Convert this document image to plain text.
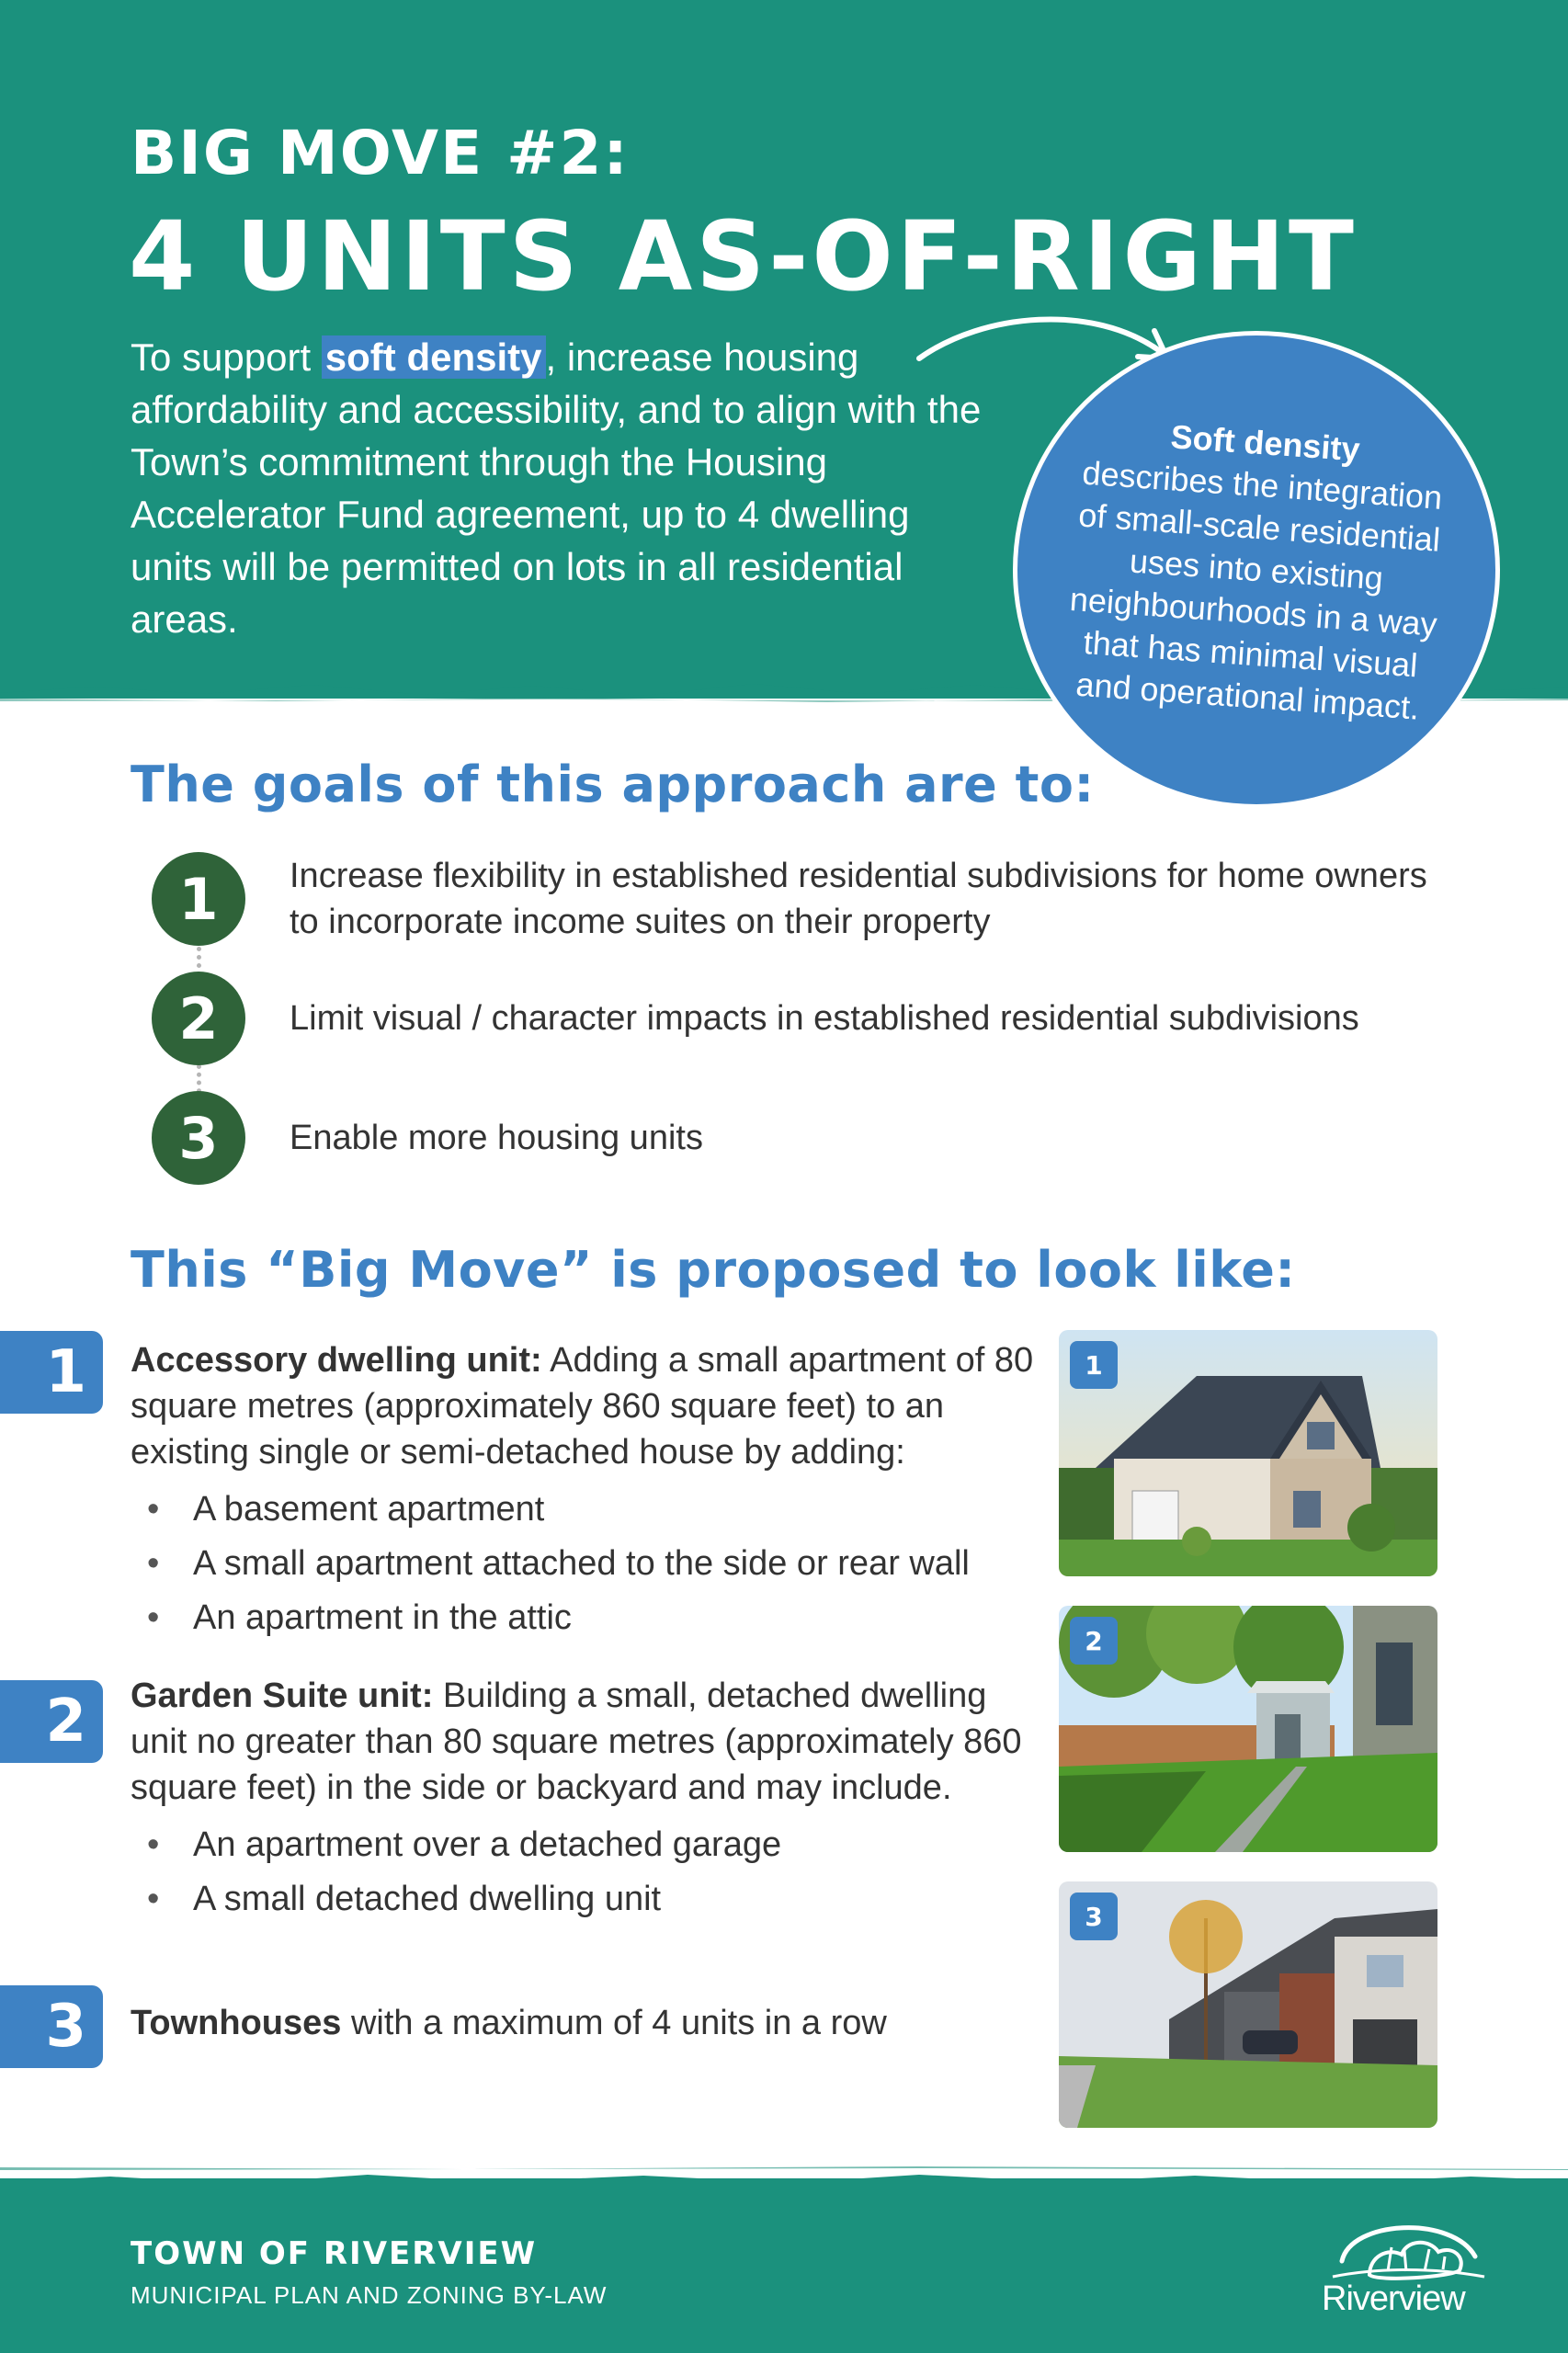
BIG MOVE #2:
4 UNITS AS-OF-RIGHT
To support soft density, increase housing affordability and accessibility, and to align with the Town’s commitment through the Housing Accelerator Fund agreement, up to 4 dwelling units will be permitted on lots in all residential areas.
Soft density
describes the integration of small-scale residential uses into existing neighbourhoods in a way that has minimal visual and operational impact.
The goals of this approach are to:
1	Increase flexibility in established residential subdivisions for home owners to incorporate income suites on their property
2	Limit visual / character impacts in established residential subdivisions
3	Enable more housing units
This “Big Move” is proposed to look like:
1	Accessory dwelling unit: Adding a small apartment of 80 square metres (approximately 860 square feet) to an existing single or semi-detached house by adding:
• A basement apartment
• A small apartment attached to the side or rear wall
• An apartment in the attic
2	Garden Suite unit: Building a small, detached dwelling unit no greater than 80 square metres (approximately 860 square feet) in the side or backyard and may include.
• An apartment over a detached garage
• A small detached dwelling unit
3	Townhouses with a maximum of 4 units in a row
1
2
3
TOWN OF RIVERVIEW
MUNICIPAL PLAN AND ZONING BY-LAW	Riverview
